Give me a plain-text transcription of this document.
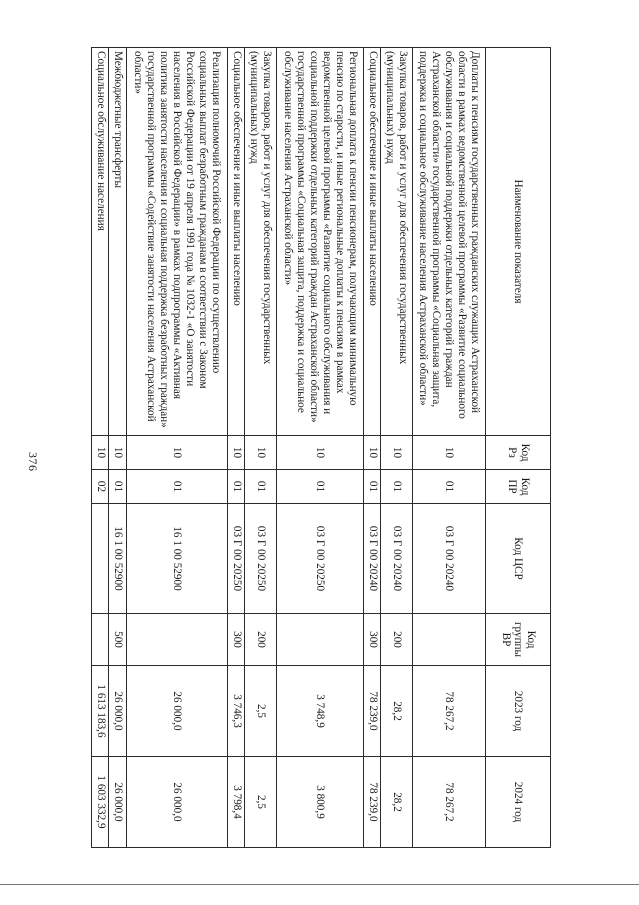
376
Наименование показателя	Код Рз	Код ПР	Код ЦСР	Код группы ВР	2023 год	2024 год
Доплаты к пенсиям государственных гражданских служащих Астраханской области в рамках ведомственной целевой программы «Развитие социального обслуживания и социальной поддержки отдельных категорий граждан Астраханской области» государственной программы «Социальная защита, поддержка и социальное обслуживание населения Астраханской области»	10	01	03 Г 00 20240		78 267,2	78 267,2
Закупка товаров, работ и услуг для обеспечения государственных (муниципальных) нужд	10	01	03 Г 00 20240	200	28,2	28,2
Социальное обеспечение и иные выплаты населению	10	01	03 Г 00 20240	300	78 239,0	78 239,0
Региональная доплата к пенсии пенсионерам, получающим минимальную пенсию по старости, и иные региональные доплаты к пенсиям в рамках ведомственной целевой программы «Развитие социального обслуживания и социальной поддержки отдельных категорий граждан Астраханской области» государственной программы «Социальная защита, поддержка и социальное обслуживание населения Астраханской области»	10	01	03 Г 00 20250		3 748,9	3 800,9
Закупка товаров, работ и услуг для обеспечения государственных (муниципальных) нужд	10	01	03 Г 00 20250	200	2,5	2,5
Социальное обеспечение и иные выплаты населению	10	01	03 Г 00 20250	300	3 746,3	3 798,4
Реализация полномочий Российской Федерации по осуществлению социальных выплат безработным гражданам в соответствии с Законом Российской Федерации от 19 апреля 1991 года № 1032-1 «О занятости населения в Российской Федерации» в рамках подпрограммы «Активная политика занятости населения и социальная поддержка безработных граждан» государственной программы «Содействие занятости населения Астраханской области»	10	01	16 1 00 52900		26 000,0	26 000,0
Межбюджетные трансферты	10	01	16 1 00 52900	500	26 000,0	26 000,0
Социальное обслуживание населения	10	02			1 613 183,6	1 603 332,9
